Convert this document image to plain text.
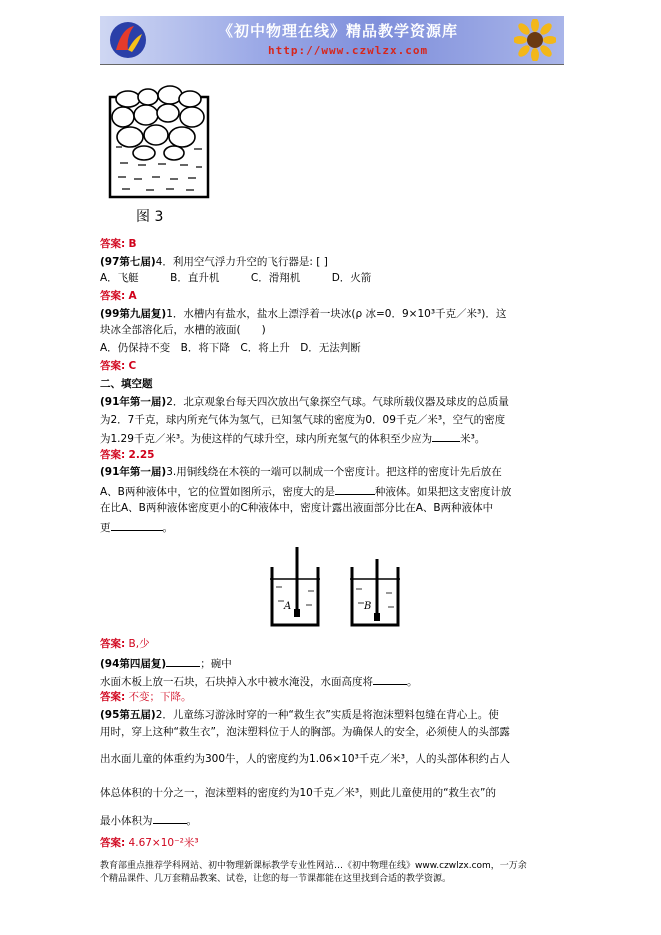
《初中物理在线》精品教学资源库
http://www.czwlzx.com
图 3
答案: B
(97第七届)4．利用空气浮力升空的飞行器是: [ ]
A．飞艇　　　B．直升机　　　C．滑翔机　　　D．火箭
答案: A
(99第九届复)1．水槽内有盐水，盐水上漂浮着一块冰(ρ 冰=0．9×10³千克／米³)．这
块冰全部溶化后，水槽的液面(　　)
A．仍保持不变　B．将下降　C．将上升　D．无法判断
答案: C
二、填空题
(91年第一届)2．北京观象台每天四次放出气象探空气球。气球所载仪器及球皮的总质量
为2．7千克，球内所充气体为氢气，已知氢气球的密度为0．09千克／米³，空气的密度
为1.29千克／米³。为使这样的气球升空，球内所充氢气的体积至少应为	米³。
答案: 2.25
(91年第一届)3.用铜线绕在木筷的一端可以制成一个密度计。把这样的密度计先后放在
A、B两种液体中，它的位置如图所示，密度大的是	种液体。如果把这支密度计放
在比A、B两种液体密度更小的C种液体中，密度计露出液面部分比在A、B两种液体中
更	。
A	B
答案: B,少
(94第四届复)	；碗中
水面木板上放一石块，石块掉入水中被水淹没，水面高度将	。
答案: 不变；下降。
(95第五届)2．儿童练习游泳时穿的一种“救生衣”实质是将泡沫塑料包缝在背心上。使
用时，穿上这种“救生衣”，泡沫塑料位于人的胸部。为确保人的安全，必须使人的头部露
出水面儿童的体重约为300牛，人的密度约为1.06×10³千克／米³，人的头部体积约占人
体总体积的十分之一，泡沫塑料的密度约为10千克／米³，则此儿童使用的“救生衣”的
最小体积为	。
答案: 4.67×10⁻²米³
教育部重点推荐学科网站、初中物理新课标教学专业性网站…《初中物理在线》www.czwlzx.com，一万余
个精品课件、几万套精品教案、试卷，让您的每一节课都能在这里找到合适的教学资源。
